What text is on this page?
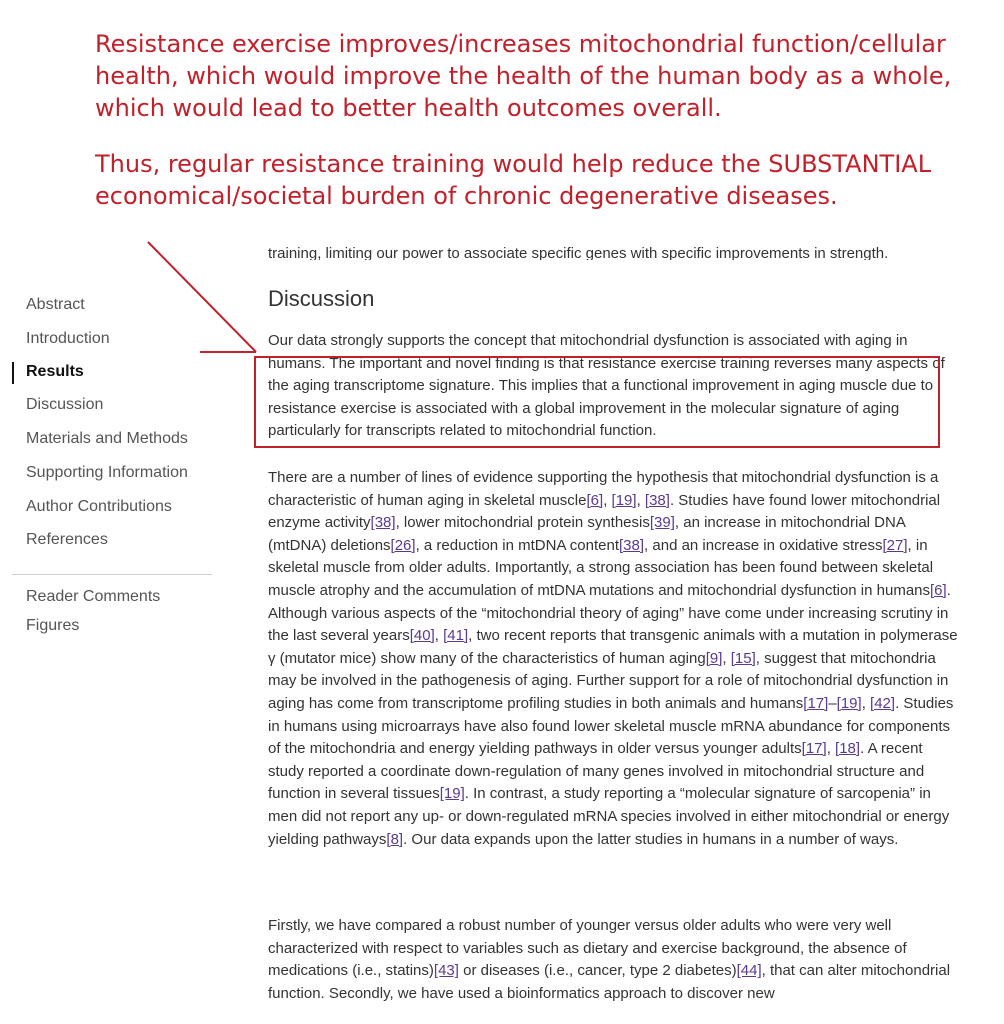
Resistance exercise improves/increases mitochondrial function/cellular health, which would improve the health of the human body as a whole, which would lead to better health outcomes overall.

Thus, regular resistance training would help reduce the SUBSTANTIAL economical/societal burden of chronic degenerative diseases.

training, limiting our power to associate specific genes with specific improvements in strength.
Abstract
Introduction
Results
Discussion
Materials and Methods
Supporting Information
Author Contributions
References
Reader Comments
Figures
Discussion

Our data strongly supports the concept that mitochondrial dysfunction is associated with aging in humans. The important and novel finding is that resistance exercise training reverses many aspects of the aging transcriptome signature. This implies that a functional improvement in aging muscle due to resistance exercise is associated with a global improvement in the molecular signature of aging particularly for transcripts related to mitochondrial function.

There are a number of lines of evidence supporting the hypothesis that mitochondrial dysfunction is a characteristic of human aging in skeletal muscle[6], [19], [38]. Studies have found lower mitochondrial enzyme activity[38], lower mitochondrial protein synthesis[39], an increase in mitochondrial DNA (mtDNA) deletions[26], a reduction in mtDNA content[38], and an increase in oxidative stress[27], in skeletal muscle from older adults. Importantly, a strong association has been found between skeletal muscle atrophy and the accumulation of mtDNA mutations and mitochondrial dysfunction in humans[6]. Although various aspects of the “mitochondrial theory of aging” have come under increasing scrutiny in the last several years[40], [41], two recent reports that transgenic animals with a mutation in polymerase γ (mutator mice) show many of the characteristics of human aging[9], [15], suggest that mitochondria may be involved in the pathogenesis of aging. Further support for a role of mitochondrial dysfunction in aging has come from transcriptome profiling studies in both animals and humans[17]–[19], [42]. Studies in humans using microarrays have also found lower skeletal muscle mRNA abundance for components of the mitochondria and energy yielding pathways in older versus younger adults[17], [18]. A recent study reported a coordinate down-regulation of many genes involved in mitochondrial structure and function in several tissues[19]. In contrast, a study reporting a “molecular signature of sarcopenia” in men did not report any up- or down-regulated mRNA species involved in either mitochondrial or energy yielding pathways[8]. Our data expands upon the latter studies in humans in a number of ways.

Firstly, we have compared a robust number of younger versus older adults who were very well characterized with respect to variables such as dietary and exercise background, the absence of medications (i.e., statins)[43] or diseases (i.e., cancer, type 2 diabetes)[44], that can alter mitochondrial function. Secondly, we have used a bioinformatics approach to discover new
